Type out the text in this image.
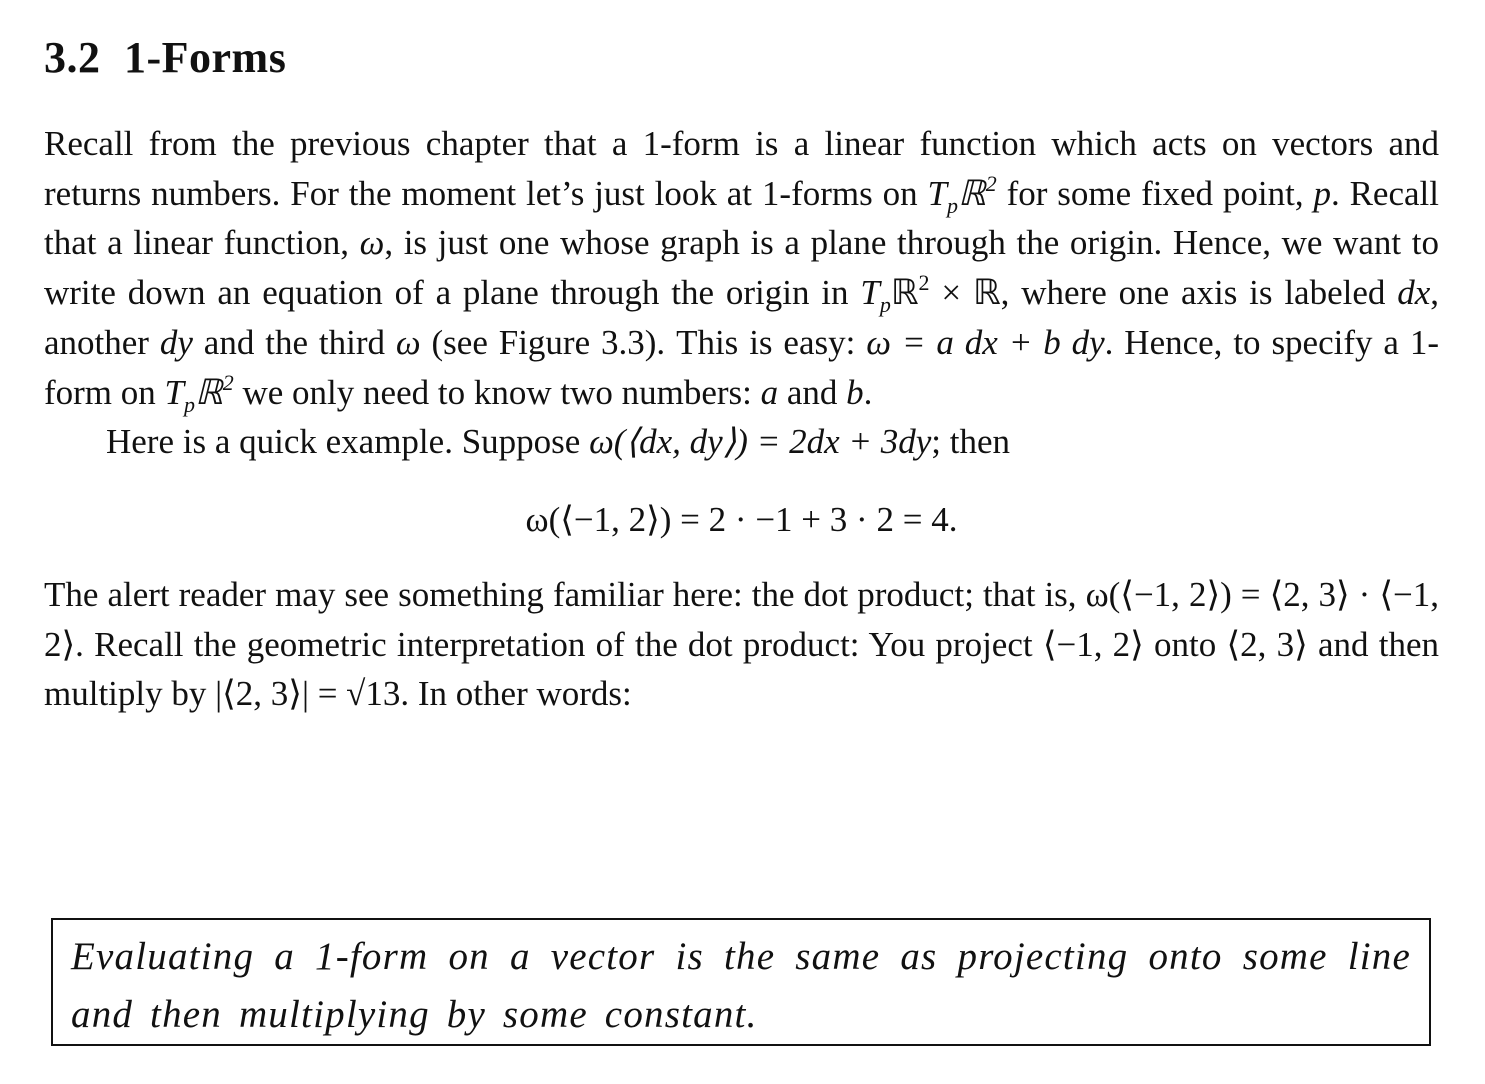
3.2 1-Forms

Recall from the previous chapter that a 1-form is a linear function which acts on vectors and returns numbers. For the moment let’s just look at 1-forms on $T_pℝ^2$ for some fixed point, p. Recall that a linear function, ω, is just one whose graph is a plane through the origin. Hence, we want to write down an equation of a plane through the origin in $T_pℝ^2$ × ℝ, where one axis is labeled dx, another dy and the third ω (see Figure 3.3). This is easy: ω = a dx + b dy. Hence, to specify a 1-form on $T_pℝ^2$ we only need to know two numbers: a and b.

Here is a quick example. Suppose ω(⟨dx, dy⟩) = 2dx + 3dy; then

ω(⟨−1, 2⟩) = 2 · −1 + 3 · 2 = 4.

The alert reader may see something familiar here: the dot product; that is, ω(⟨−1, 2⟩) = ⟨2, 3⟩ · ⟨−1, 2⟩. Recall the geometric interpretation of the dot product: You project ⟨−1, 2⟩ onto ⟨2, 3⟩ and then multiply by |⟨2, 3⟩| = √13. In other words:

Evaluating a 1-form on a vector is the same as projecting onto some line and then multiplying by some constant.
